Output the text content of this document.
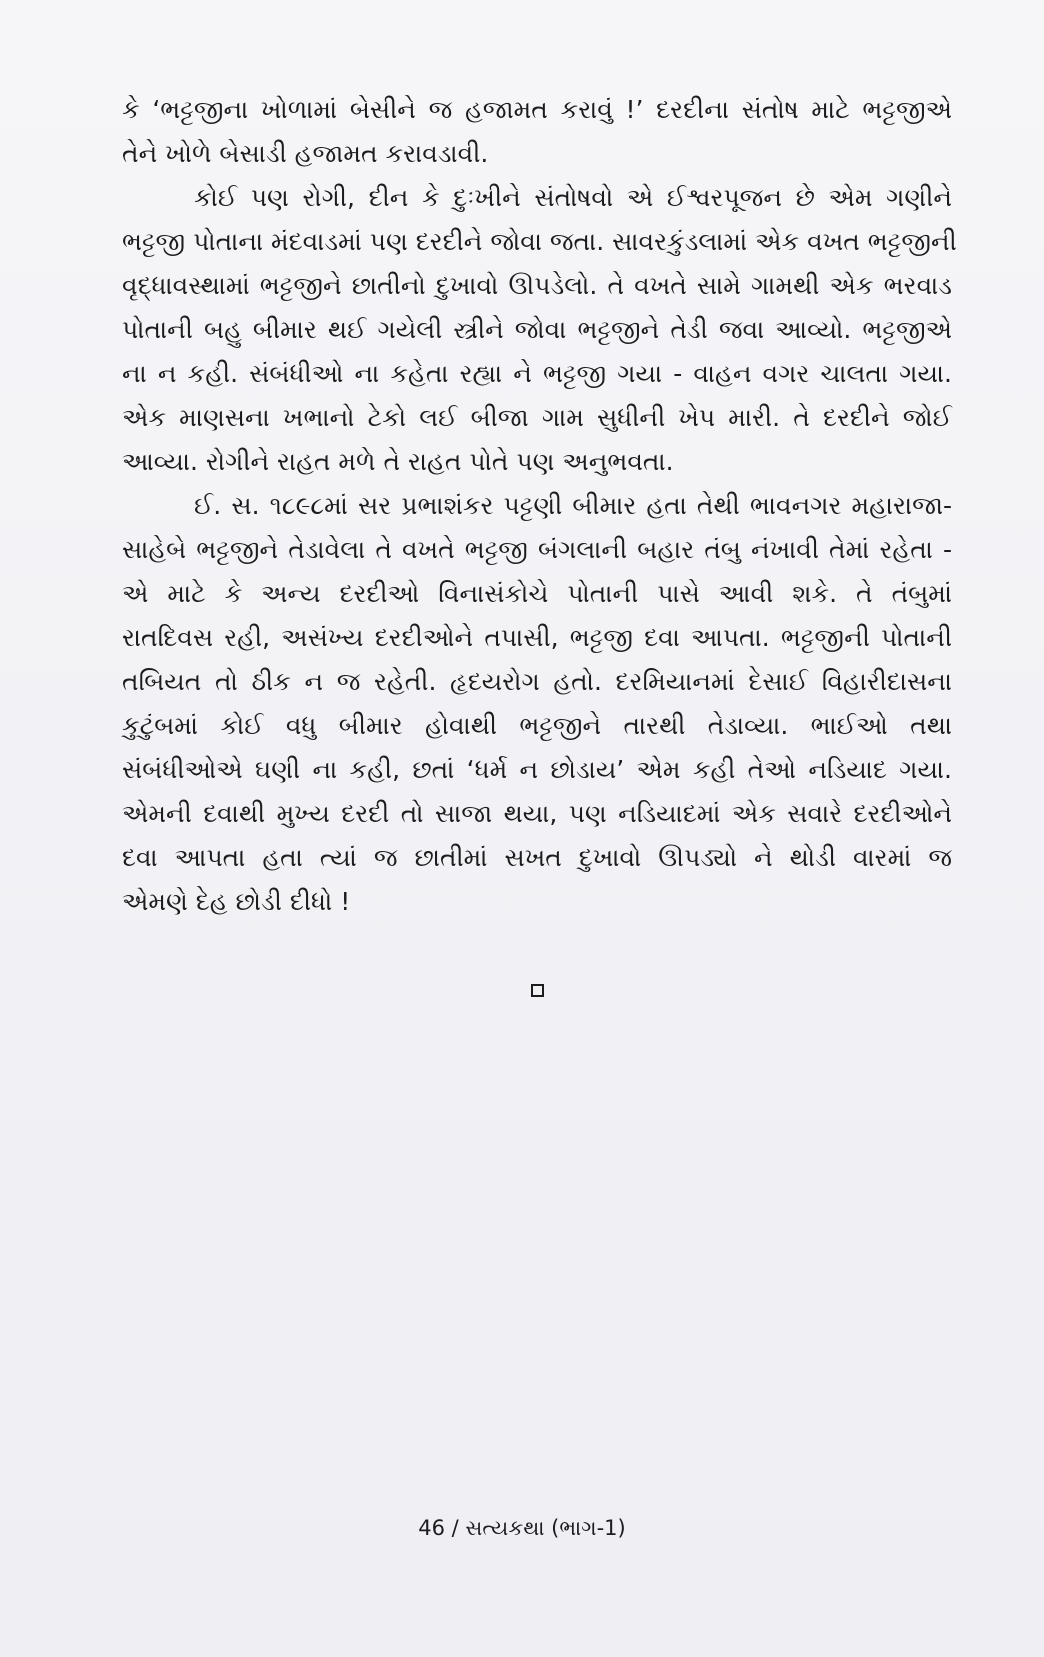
કે ‘ભટ્ટજીના ખોળામાં બેસીને જ હજામત કરાવું !’ દરદીના સંતોષ માટે ભટ્ટજીએ
તેને ખોળે બેસાડી હજામત કરાવડાવી.

કોઈ પણ રોગી, દીન કે દુઃખીને સંતોષવો એ ઈશ્વરપૂજન છે એમ ગણીને
ભટ્ટજી પોતાના મંદવાડમાં પણ દરદીને જોવા જતા. સાવરકુંડલામાં એક વખત ભટ્ટજીની
વૃદ્ધાવસ્થામાં ભટ્ટજીને છાતીનો દુખાવો ઊપડેલો. તે વખતે સામે ગામથી એક ભરવાડ
પોતાની બહુ બીમાર થઈ ગયેલી સ્ત્રીને જોવા ભટ્ટજીને તેડી જવા આવ્યો. ભટ્ટજીએ
ના ન કહી. સંબંધીઓ ના કહેતા રહ્યા ને ભટ્ટજી ગયા - વાહન વગર ચાલતા ગયા.
એક માણસના ખભાનો ટેકો લઈ બીજા ગામ સુધીની ખેપ મારી. તે દરદીને જોઈ
આવ્યા. રોગીને રાહત મળે તે રાહત પોતે પણ અનુભવતા.

ઈ. સ. ૧૮૯૮માં સર પ્રભાશંકર પટ્ટણી બીમાર હતા તેથી ભાવનગર મહારાજા-
સાહેબે ભટ્ટજીને તેડાવેલા તે વખતે ભટ્ટજી બંગલાની બહાર તંબુ નંખાવી તેમાં રહેતા -
એ માટે કે અન્ય દરદીઓ વિનાસંકોચે પોતાની પાસે આવી શકે. તે તંબુમાં
રાતદિવસ રહી, અસંખ્ય દરદીઓને તપાસી, ભટ્ટજી દવા આપતા. ભટ્ટજીની પોતાની
તબિયત તો ઠીક ન જ રહેતી. હૃદયરોગ હતો. દરમિયાનમાં દેસાઈ વિહારીદાસના
કુટુંબમાં કોઈ વધુ બીમાર હોવાથી ભટ્ટજીને તારથી તેડાવ્યા. ભાઈઓ તથા
સંબંધીઓએ ઘણી ના કહી, છતાં ‘ધર્મ ન છોડાય’ એમ કહી તેઓ નડિયાદ ગયા.
એમની દવાથી મુખ્ય દરદી તો સાજા થયા, પણ નડિયાદમાં એક સવારે દરદીઓને
દવા આપતા હતા ત્યાં જ છાતીમાં સખત દુખાવો ઊપડ્યો ને થોડી વારમાં જ
એમણે દેહ છોડી દીધો !

46 / સત્યકથા (ભાગ-1)
